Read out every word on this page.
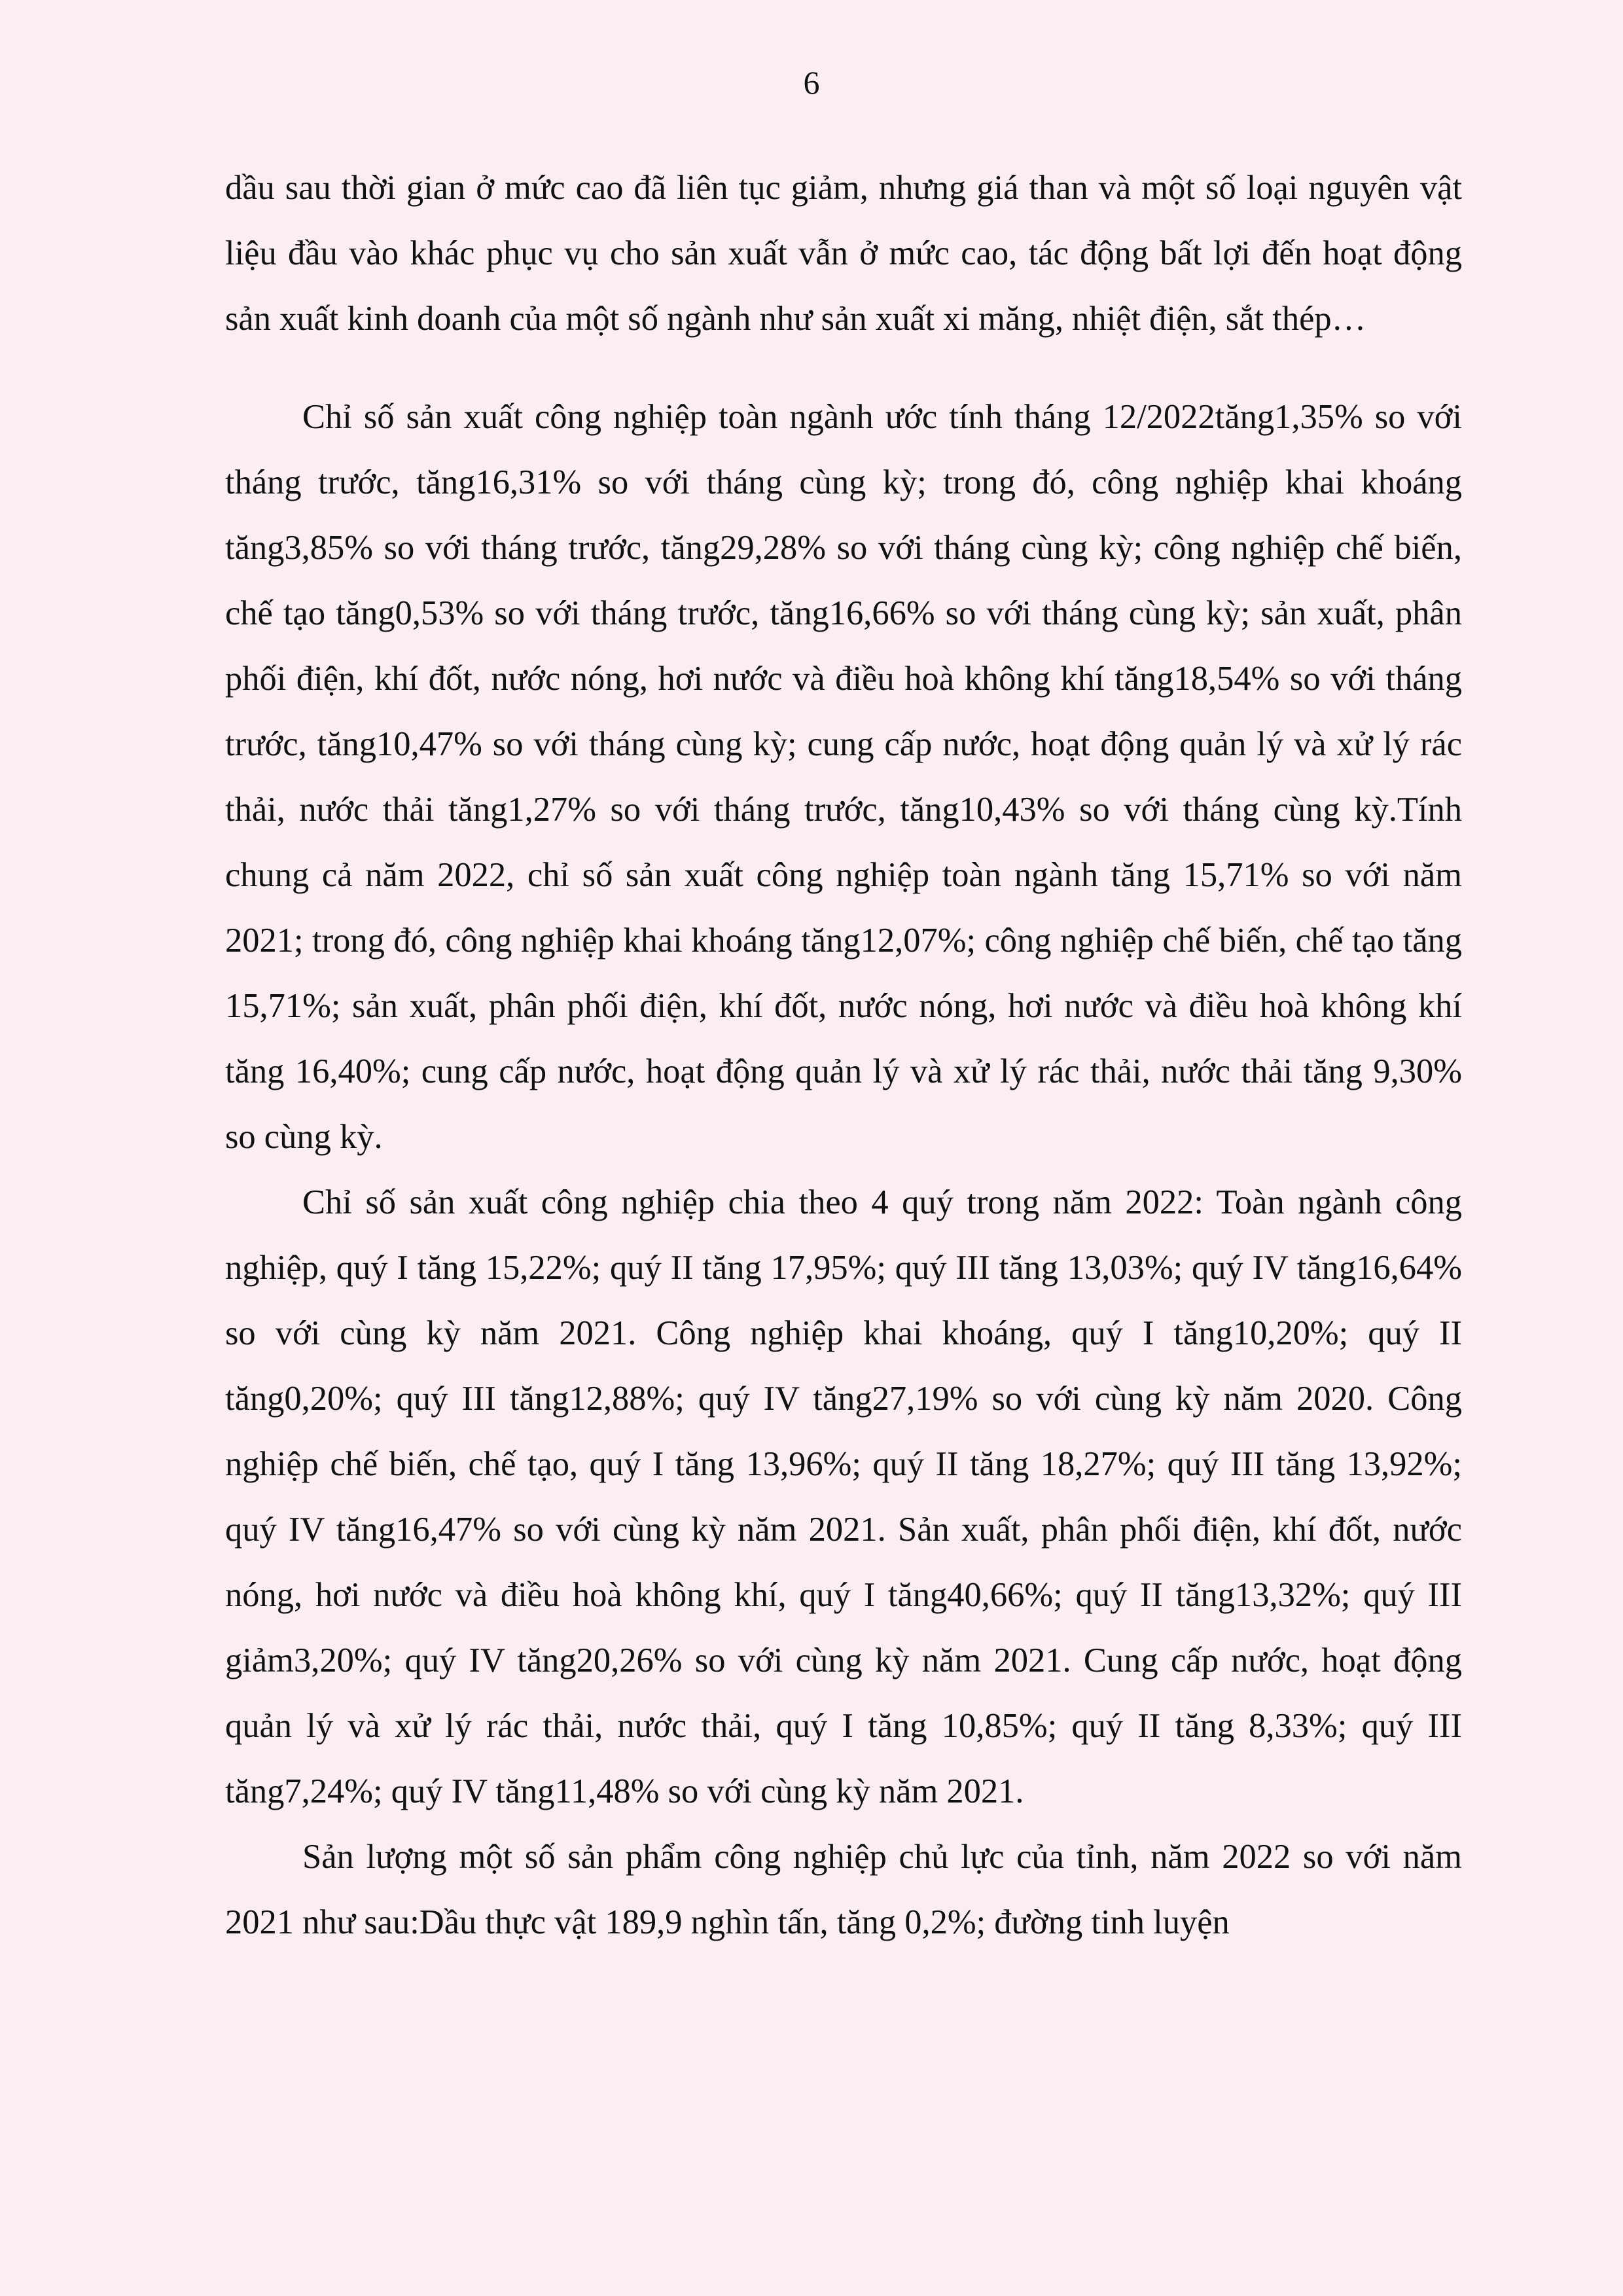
6

dầu sau thời gian ở mức cao đã liên tục giảm, nhưng giá than và một số loại nguyên vật liệu đầu vào khác phục vụ cho sản xuất vẫn ở mức cao, tác động bất lợi đến hoạt động sản xuất kinh doanh của một số ngành như sản xuất xi măng, nhiệt điện, sắt thép…

Chỉ số sản xuất công nghiệp toàn ngành ước tính tháng 12/2022tăng1,35% so với tháng trước, tăng16,31% so với tháng cùng kỳ; trong đó, công nghiệp khai khoáng tăng3,85% so với tháng trước, tăng29,28% so với tháng cùng kỳ; công nghiệp chế biến, chế tạo tăng0,53% so với tháng trước, tăng16,66% so với tháng cùng kỳ; sản xuất, phân phối điện, khí đốt, nước nóng, hơi nước và điều hoà không khí tăng18,54% so với tháng trước, tăng10,47% so với tháng cùng kỳ; cung cấp nước, hoạt động quản lý và xử lý rác thải, nước thải tăng1,27% so với tháng trước, tăng10,43% so với tháng cùng kỳ.Tính chung cả năm 2022, chỉ số sản xuất công nghiệp toàn ngành tăng 15,71% so với năm 2021; trong đó, công nghiệp khai khoáng tăng12,07%; công nghiệp chế biến, chế tạo tăng 15,71%; sản xuất, phân phối điện, khí đốt, nước nóng, hơi nước và điều hoà không khí tăng 16,40%; cung cấp nước, hoạt động quản lý và xử lý rác thải, nước thải tăng 9,30% so cùng kỳ.

Chỉ số sản xuất công nghiệp chia theo 4 quý trong năm 2022: Toàn ngành công nghiệp, quý I tăng 15,22%; quý II tăng 17,95%; quý III tăng 13,03%; quý IV tăng16,64% so với cùng kỳ năm 2021. Công nghiệp khai khoáng, quý I tăng10,20%; quý II tăng0,20%; quý III tăng12,88%; quý IV tăng27,19% so với cùng kỳ năm 2020. Công nghiệp chế biến, chế tạo, quý I tăng 13,96%; quý II tăng 18,27%; quý III tăng 13,92%; quý IV tăng16,47% so với cùng kỳ năm 2021. Sản xuất, phân phối điện, khí đốt, nước nóng, hơi nước và điều hoà không khí, quý I tăng40,66%; quý II tăng13,32%; quý III giảm3,20%; quý IV tăng20,26% so với cùng kỳ năm 2021. Cung cấp nước, hoạt động quản lý và xử lý rác thải, nước thải, quý I tăng 10,85%; quý II tăng 8,33%; quý III tăng7,24%; quý IV tăng11,48% so với cùng kỳ năm 2021.

Sản lượng một số sản phẩm công nghiệp chủ lực của tỉnh, năm 2022 so với năm 2021 như sau:Dầu thực vật 189,9 nghìn tấn, tăng 0,2%; đường tinh luyện
